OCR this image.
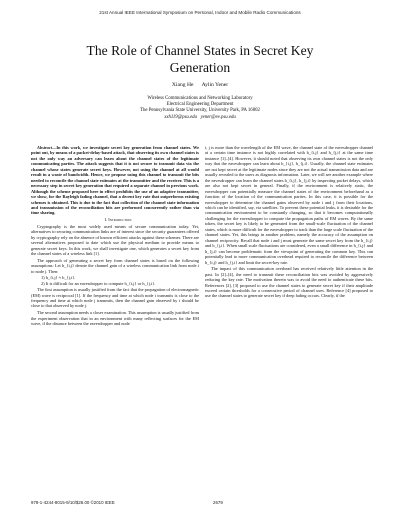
21st Annual IEEE International Symposium on Personal, Indoor and Mobile Radio Communications
The Role of Channel States in Secret Key
Generation
Xiang He      Aylin Yener
Wireless Communications and Networking Laboratory
Electrical Engineering Department
The Pennsylvania State University, University Park, PA 16802
xxh119@psu.edu   yener@ee.psu.edu

Abstract—In this work, we investigate secret key generation from channel states. We point out, by means of a packet-delay-based attack, that observing its own channel states is not the only way an adversary can learn about the channel states of the legitimate communicating parties. The attack suggests that it is not secure to transmit data via the channel whose states generate secret keys. However, not using the channel at all would result in a waste of bandwidth. Hence, we propose using this channel to transmit the bits needed to reconcile the channel state estimates at the transmitter and the receiver. This is a necessary step in secret key generation that required a separate channel in previous work. Although the scheme proposed here in effect prohibits the use of an adaptive transmitter, we show, for the Rayleigh fading channel, that a decent key rate that outperforms existing schemes is obtained. This is due to the fact that collection of the channel state information and transmission of the reconciliation bits are performed concurrently rather than via time sharing.

I. Introduction

Cryptography is the most widely used means of secure communication today. Yet, alternatives to securing communication links are of interest since the security guarantees offered by cryptography rely on the absence of known efficient attacks against these schemes. There are several alternatives proposed to date which use the physical medium to provide means to generate secret keys. In this work, we shall investigate one, which generates a secret key from the channel states of a wireless link [1].

The approach of generating a secret key from channel states is based on the following assumptions: Let h_{i,j} denote the channel gain of a wireless communication link from node i to node j. Then:

1) h_{i,j} ≈ h_{j,i}.
2) It is difficult for an eavesdropper to compute h_{i,j} or h_{j,i}.

The first assumption is usually justified from the fact that the propagation of electromagnetic (EM) wave is reciprocal [1]. If the frequency and time at which node i transmits is close to the frequency and time at which node j transmits, then the channel gain observed by i should be close to that observed by node j.

The second assumption needs a closer examination. This assumption is usually justified from the experiment observation that in an environment with many reflecting surfaces for the EM wave, if the distance between the eavesdropper and node

i, j is more than the wavelength of the EM wave, the channel state of the eavesdropper channel at a certain time instance is not highly correlated with h_{i,j} and h_{j,i} at the same time instance [1]–[4]. However, it should noted that observing its own channel states is not the only way that the eavesdropper can learn about h_{i,j}, h_{j,i}. Usually, the channel state estimates are not kept secret at the legitimate nodes since they are not the actual transmission data and are usually revealed to the users as diagnosis information. Later, we will see another example where the eavesdropper can learn the channel states h_{i,j}, h_{j,i} by inspecting packet delays, which are also not kept secret in general. Finally, if the environment is relatively static, the eavesdropper can potentially measure the channel states of the environment beforehand as a function of the location of the communication parties. In this case, it is possible for the eavesdropper to determine the channel gains observed by node i and j from their locations, which can be identified, say, via satellites. To prevent these potential leaks, it is desirable for the communication environment to be constantly changing, so that it becomes computationally challenging for the eavesdropper to compute the propagation paths of EM waves. By the same token, the secret key is likely to be generated from the small-scale fluctuation of the channel states, which is more difficult for the eavesdropper to track than the large scale fluctuation of the channel states. Yet, this brings in another problem, namely the accuracy of the assumption on channel reciprocity. Recall that node i and j must generate the same secret key from the h_{i,j} and h_{j,i}. When small scale fluctuations are considered, even a small difference in h_{i,j} and h_{j,i} can become problematic from the viewpoint of generating the common key. This can potentially lead to more communication overhead required to reconcile the difference between h_{i,j} and h_{j,i} and limit the secret-key rate.

The impact of this communication overhead has received relatively little attention in the past. In [2]–[4], the need to transmit these reconciliation bits was avoided by aggressively reducing the key rate. The motivation therein was to avoid the need to authenticate these bits. References [2], [3] proposed to use the channel states to generate secret key if their amplitude exceed certain thresholds for a consecutive period of channel uses. Reference [4] proposed to use the channel states to generate secret key if deep fading occurs. Clearly, if the

978-1-4244-8015-9/10/$26.00 ©2010 IEEE	2679
